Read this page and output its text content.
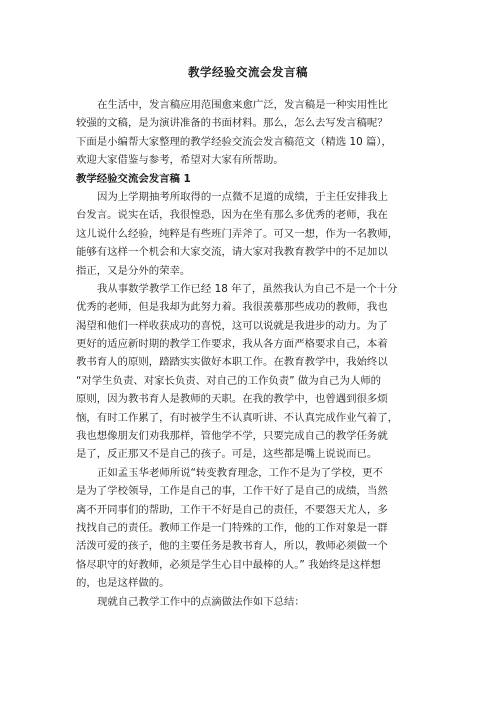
教学经验交流会发言稿
在生活中，发言稿应用范围愈来愈广泛，发言稿是一种实用性比
较强的文稿，是为演讲准备的书面材料。那么，怎么去写发言稿呢？
下面是小编帮大家整理的教学经验交流会发言稿范文（精选 10 篇），
欢迎大家借鉴与参考，希望对大家有所帮助。
教学经验交流会发言稿 1
因为上学期抽考所取得的一点微不足道的成绩，于主任安排我上
台发言。说实在话，我很惶恐，因为在坐有那么多优秀的老师，我在
这儿说什么经验，纯粹是有些班门弄斧了。可又一想，作为一名教师，
能够有这样一个机会和大家交流，请大家对我教育教学中的不足加以
指正，又是分外的荣幸。
我从事数学教学工作已经 18 年了，虽然我认为自己不是一个十分
优秀的老师，但是我却为此努力着。我很羡慕那些成功的教师，我也
渴望和他们一样收获成功的喜悦，这可以说就是我进步的动力。为了
更好的适应新时期的教学工作要求，我从各方面严格要求自己，本着
教书育人的原则，踏踏实实做好本职工作。在教育教学中，我始终以
“对学生负责、对家长负责、对自己的工作负责” 做为自己为人师的
原则，因为教书育人是教师的天职。在我的教学中，也曾遇到很多烦
恼，有时工作累了，有时被学生不认真听讲、不认真完成作业气着了，
我也想像朋友们劝我那样，管他学不学，只要完成自己的教学任务就
是了，反正那又不是自己的孩子。可是，这些都是嘴上说说而已。
正如孟玉华老师所说“转变教育理念，工作不是为了学校，更不
是为了学校领导，工作是自己的事，工作干好了是自己的成绩，当然
离不开同事们的帮助，工作干不好是自己的责任，不要怨天尤人，多
找找自己的责任。教师工作是一门特殊的工作，他的工作对象是一群
活泼可爱的孩子，他的主要任务是教书育人，所以，教师必须做一个
恪尽职守的好教师，必须是学生心目中最棒的人。” 我始终是这样想
的，也是这样做的。
现就自己教学工作中的点滴做法作如下总结：
